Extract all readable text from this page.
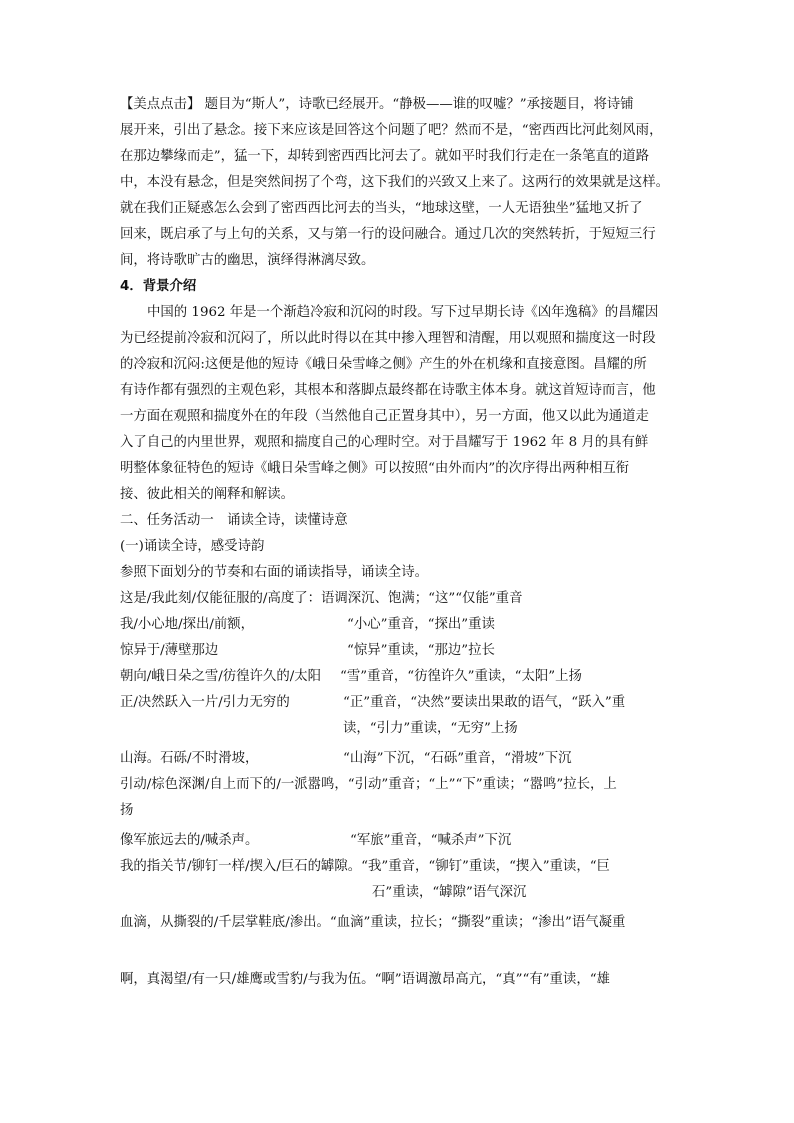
【美点点击】 题目为“斯人”，诗歌已经展开。“静极——谁的叹嘘？”承接题目，将诗铺
展开来，引出了悬念。接下来应该是回答这个问题了吧？然而不是，“密西西比河此刻风雨，
在那边攀缘而走”，猛一下，却转到密西西比河去了。就如平时我们行走在一条笔直的道路
中，本没有悬念，但是突然间拐了个弯，这下我们的兴致又上来了。这两行的效果就是这样。
就在我们正疑惑怎么会到了密西西比河去的当头，“地球这壁，一人无语独坐”猛地又折了
回来，既启承了与上句的关系，又与第一行的设问融合。通过几次的突然转折，于短短三行
间，将诗歌旷古的幽思，演绎得淋漓尽致。
4．背景介绍
中国的 1962 年是一个渐趋冷寂和沉闷的时段。写下过早期长诗《凶年逸稿》的昌耀因
为已经提前冷寂和沉闷了，所以此时得以在其中掺入理智和清醒，用以观照和揣度这一时段
的冷寂和沉闷:这便是他的短诗《峨日朵雪峰之侧》产生的外在机缘和直接意图。昌耀的所
有诗作都有强烈的主观色彩，其根本和落脚点最终都在诗歌主体本身。就这首短诗而言，他
一方面在观照和揣度外在的年段（当然他自己正置身其中），另一方面，他又以此为通道走
入了自己的内里世界，观照和揣度自己的心理时空。对于昌耀写于 1962 年 8 月的具有鲜
明整体象征特色的短诗《峨日朵雪峰之侧》可以按照“由外而内”的次序得出两种相互衔
接、彼此相关的阐释和解读。
二、任务活动一　诵读全诗，读懂诗意
(一)诵读全诗，感受诗韵
参照下面划分的节奏和右面的诵读指导，诵读全诗。
这是/我此刻/仅能征服的/高度了：语调深沉、饱满；“这”“仅能”重音
我/小心地/探出/前额，	“小心”重音，“探出”重读
惊异于/薄壁那边	“惊异”重读，“那边”拉长
朝向/峨日朵之雪/彷徨许久的/太阳 “雪”重音，“彷徨许久”重读，“太阳”上扬
正/决然跃入一片/引力无穷的	“正”重音，“决然”要读出果敢的语气，“跃入”重
读，“引力”重读，“无穷”上扬
山海。石砾/不时滑坡，	“山海”下沉，“石砾”重音，“滑坡”下沉
引动/棕色深渊/自上而下的/一派嚣鸣，“引动”重音；“上”“下”重读；“嚣鸣”拉长，上
扬
像军旅远去的/喊杀声。	“军旅”重音，“喊杀声”下沉
我的指关节/铆钉一样/揳入/巨石的罅隙。“我”重音，“铆钉”重读，“揳入”重读，“巨
石”重读，“罅隙”语气深沉
血滴，从撕裂的/千层掌鞋底/渗出。“血滴”重读，拉长；“撕裂”重读；“渗出”语气凝重
啊，真渴望/有一只/雄鹰或雪豹/与我为伍。“啊”语调激昂高亢，“真”“有”重读，“雄
